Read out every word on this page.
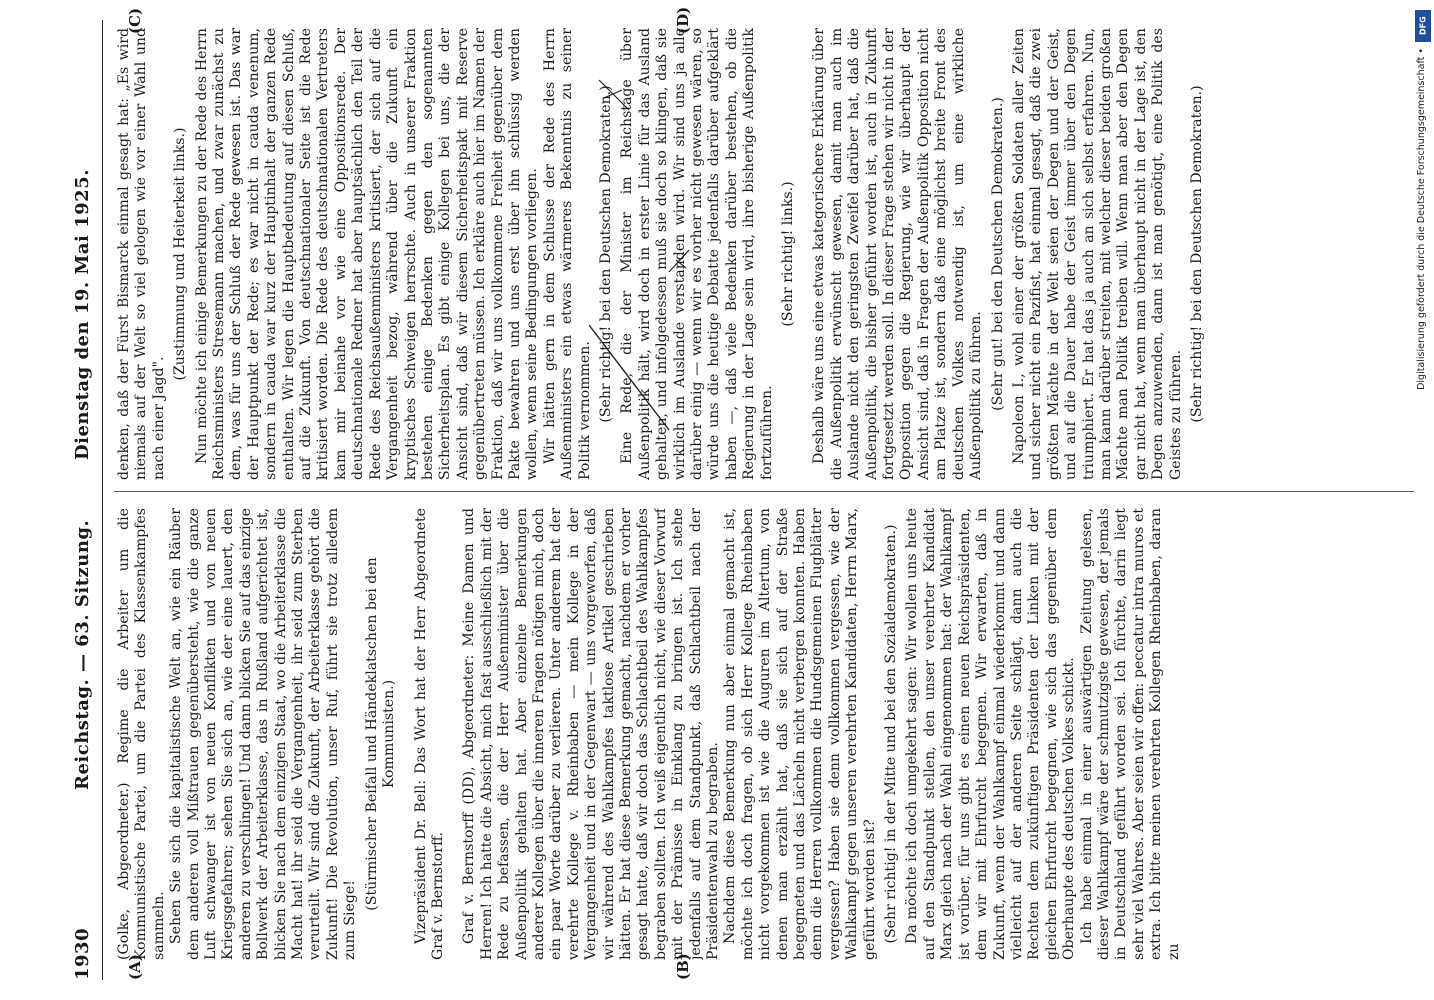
1930
Reichstag. — 63. Sitzung.
Dienstag den 19. Mai 1925.
(A)	(B)
(C)	(D)

(Golke, Abgeordneter.) Regime die Arbeiter um die Kommunistische Partei, um die Partei des Klassenkampfes sammeln. Sehen Sie sich die kapitalistische Welt an, wie ein Räuber dem anderen voll Mißtrauen gegenübersteht, wie die ganze Luft schwanger ist von neuen Konflikten und von neuen Kriegsgefahren; sehen Sie sich an, wie der eine lauert, den anderen zu verschlingen! Und dann blicken Sie auf das einzige Bollwerk der Arbeiterklasse, das in Rußland aufgerichtet ist, blicken Sie nach dem einzigen Staat, wo die Arbeiterklasse die Macht hat! ihr seid die Vergangenheit, ihr seid zum Sterben verurteilt. Wir sind die Zukunft, der Arbeiterklasse gehört die Zukunft! Die Revolution, unser Ruf, führt sie trotz alledem zum Siege!

(Stürmischer Beifall und Händeklatschen bei den Kommunisten.) Vizepräsident Dr. Bell: Das Wort hat der Herr Abgeordnete Graf v. Bernstorff. Graf v. Bernstorff (DD), Abgeordneter: Meine Damen und Herren! Ich hatte die Absicht, mich fast ausschließlich mit der Rede zu befassen, die der Herr Außenminister über die Außenpolitik gehalten hat. Aber einzelne Bemerkungen anderer Kollegen über die inneren Fragen nötigen mich, doch ein paar Worte darüber zu verlieren. Unter anderem hat der verehrte Kollege v. Rheinbaben — mein Kollege in der Vergangenheit und in der Gegenwart — uns vorgeworfen, daß wir während des Wahlkampfes taktlose Artikel geschrieben hätten. Er hat diese Bemerkung gemacht, nachdem er vorher gesagt hatte, daß wir doch das Schlachtbeil des Wahlkampfes begraben sollten. Ich weiß eigentlich nicht, wie dieser Vorwurf mit der Prämisse in Einklang zu bringen ist. Ich stehe jedenfalls auf dem Standpunkt, daß Schlachtbeil nach der Präsidentenwahl zu begraben. Nachdem diese Bemerkung nun aber einmal gemacht ist, möchte ich doch fragen, ob sich Herr Kollege Rheinbaben nicht vorgekommen ist wie die Auguren im Altertum, von denen man erzählt hat, daß sie sich auf der Straße begegneten und das Lächeln nicht verbergen konnten. Haben denn die Herren vollkommen die Hundsgemeinen Flugblätter vergessen? Haben sie denn vollkommen vergessen, wie der Wahlkampf gegen unseren verehrten Kandidaten, Herrn Marx, geführt worden ist? (Sehr richtig! in der Mitte und bei den Sozialdemokraten.) Da möchte ich doch umgekehrt sagen: Wir wollen uns heute auf den Standpunkt stellen, den unser verehrter Kandidat Marx gleich nach der Wahl eingenommen hat: der Wahlkampf ist vorüber, für uns gibt es einen neuen Reichspräsidenten, dem wir mit Ehrfurcht begegnen. Wir erwarten, daß in Zukunft, wenn der Wahlkampf einmal wiederkommt und dann vielleicht auf der anderen Seite schlägt, dann auch die Rechten dem zukünftigen Präsidenten der Linken mit der gleichen Ehrfurcht begegnen, wie sich das gegenüber dem Oberhaupte des deutschen Volkes schickt. Ich habe einmal in einer auswärtigen Zeitung gelesen, dieser Wahlkampf wäre der schmutzigste gewesen, der jemals in Deutschland geführt worden sei. Ich fürchte, darin liegt sehr viel Wahres. Aber seien wir offen: peccatur intra muros et extra. Ich bitte meinen verehrten Kollegen Rheinbaben, daran zu

denken, daß der Fürst Bismarck einmal gesagt hat: „Es wird niemals auf der Welt so viel gelogen wie vor einer Wahl und nach einer Jagd".

(Zustimmung und Heiterkeit links.) Nun möchte ich einige Bemerkungen zu der Rede des Herrn Reichsministers Stresemann machen, und zwar zunächst zu dem, was für uns der Schluß der Rede gewesen ist. Das war der Hauptpunkt der Rede; es war nicht in cauda venenum, sondern in cauda war kurz der Hauptinhalt der ganzen Rede enthalten. Wir legen die Hauptbedeutung auf diesen Schluß, auf die Zukunft. Von deutschnationaler Seite ist die Rede kritisiert worden. Die Rede des deutschnationalen Vertreters kam mir beinahe vor wie eine Oppositionsrede. Der deutschnationale Redner hat aber hauptsächlich den Teil der Rede des Reichsaußenministers kritisiert, der sich auf die Vergangenheit bezog, während über die Zukunft ein kryptisches Schweigen herrschte. Auch in unserer Fraktion bestehen einige Bedenken gegen den sogenannten Sicherheitsplan. Es gibt einige Kollegen bei uns, die der Ansicht sind, daß wir diesem Sicherheitspakt mit Reserve gegenübertreten müssen. Ich erkläre auch hier im Namen der Fraktion, daß wir uns vollkommene Freiheit gegenüber dem Pakte bewahren und uns erst über ihn schlüssig werden wollen, wenn seine Bedingungen vorliegen. Wir hätten gern in dem Schlusse der Rede des Herrn Außenministers ein etwas wärmeres Bekenntnis zu seiner Politik vernommen. (Sehr richtig! bei den Deutschen Demokraten.) Eine Rede, die der Minister im Reichstage über Außenpolitik hält, wird doch in erster Linie für das Ausland gehalten, und infolgedessen muß sie doch so klingen, daß sie wirklich im Auslande verstanden wird. Wir sind uns ja alle darüber einig — wenn wir es vorher nicht gewesen wären, so würde uns die heutige Debatte jedenfalls darüber aufgeklärt haben —, daß viele Bedenken darüber bestehen, ob die Regierung in der Lage sein wird, ihre bisherige Außenpolitik fortzuführen.

(Sehr richtig! links.) Deshalb wäre uns eine etwas kategorischere Erklärung über die Außenpolitik erwünscht gewesen, damit man auch im Auslande nicht den geringsten Zweifel darüber hat, daß die Außenpolitik, die bisher geführt worden ist, auch in Zukunft fortgesetzt werden soll. In dieser Frage stehen wir nicht in der Opposition gegen die Regierung, wie wir überhaupt der Ansicht sind, daß in Fragen der Außenpolitik Opposition nicht am Platze ist, sondern daß eine möglichst breite Front des deutschen Volkes notwendig ist, um eine wirkliche Außenpolitik zu führen. (Sehr gut! bei den Deutschen Demokraten.) Napoleon I., wohl einer der größten Soldaten aller Zeiten und sicher nicht ein Pazifist, hat einmal gesagt, daß die zwei größten Mächte in der Welt seien der Degen und der Geist, und auf die Dauer habe der Geist immer über den Degen triumphiert. Er hat das ja auch an sich selbst erfahren. Nun, man kann darüber streiten, mit welcher dieser beiden großen Mächte man Politik treiben will. Wenn man aber den Degen gar nicht hat, wenn man überhaupt nicht in der Lage ist, den Degen anzuwenden, dann ist man genötigt, eine Politik des Geistes zu führen. (Sehr richtig! bei den Deutschen Demokraten.)

DFG
Digitalisierung gefördert durch die Deutsche Forschungsgemeinschaft •
